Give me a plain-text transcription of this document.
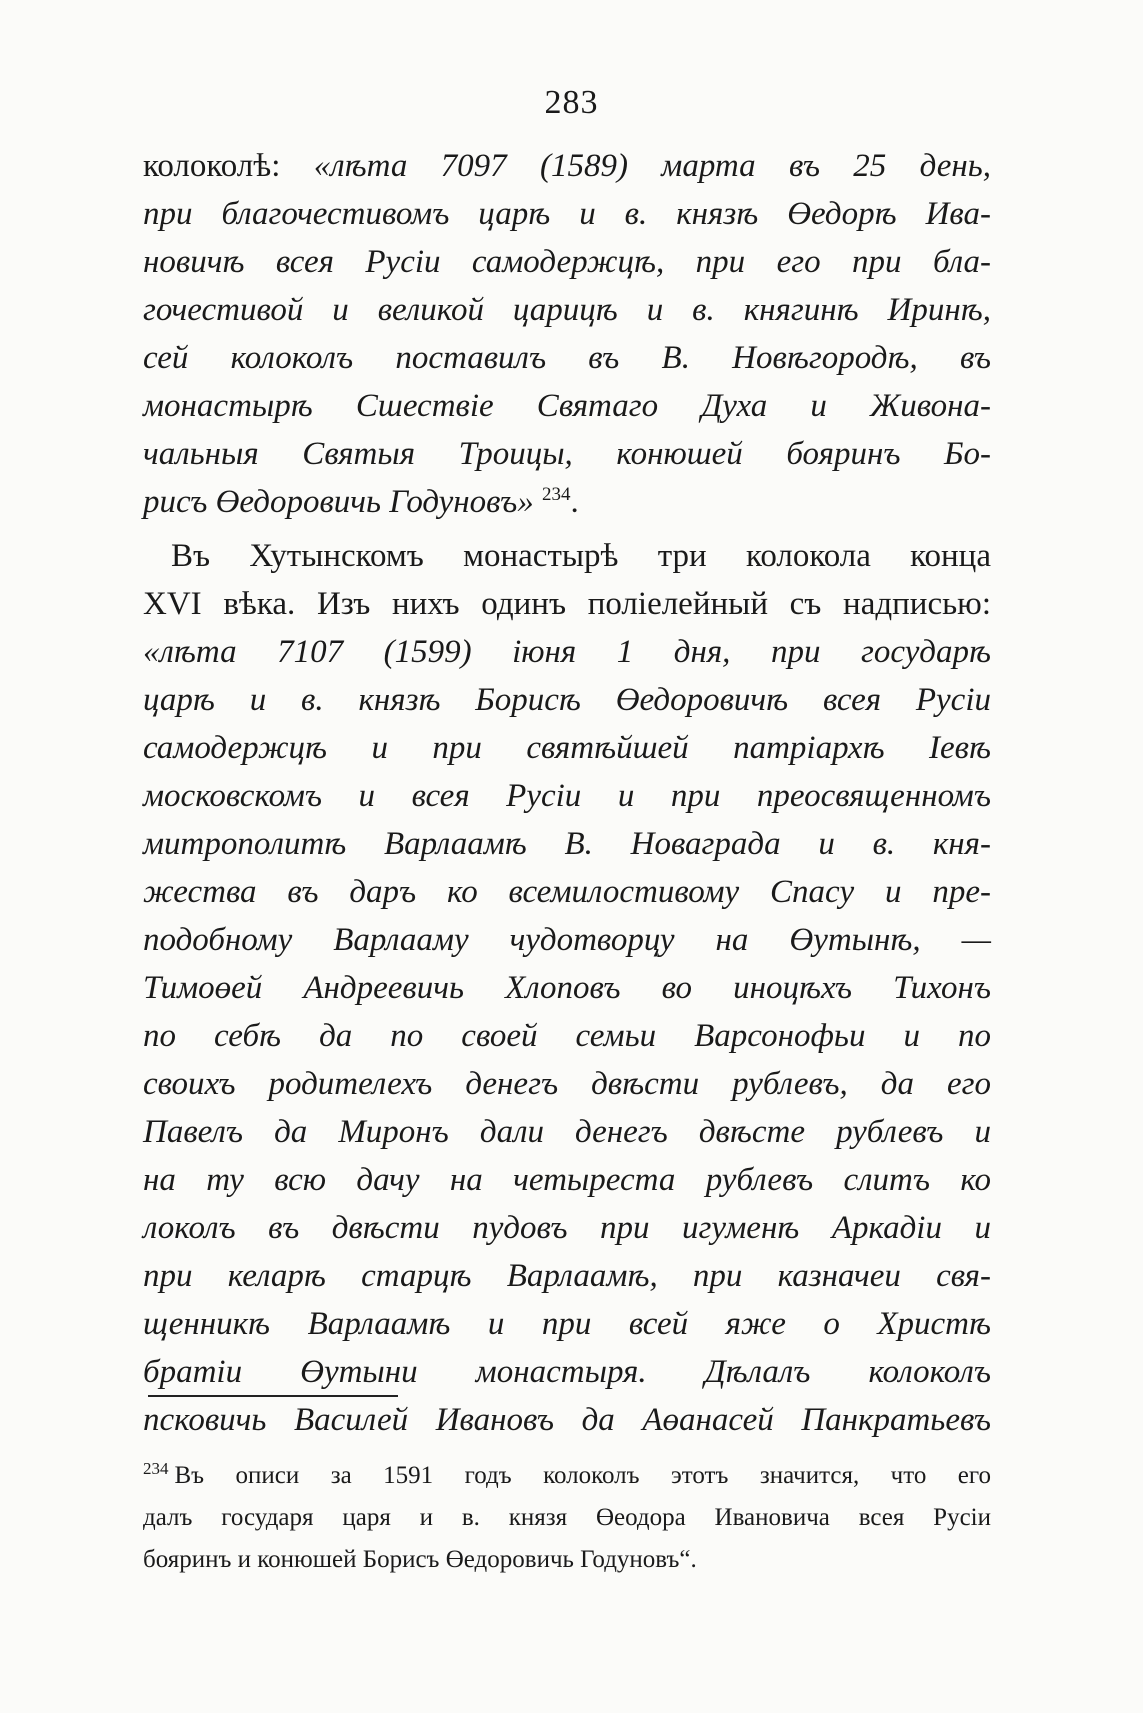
283
колоколѣ: «лѣта 7097 (1589) марта въ 25 день,
при благочестивомъ царѣ и в. князѣ Өедорѣ Ива-
новичѣ всея Русіи самодержцѣ, при его при бла-
гочестивой и великой царицѣ и в. княгинѣ Иринѣ,
сей колоколъ поставилъ въ В. Новѣгородѣ, въ
монастырѣ Сшествіе Святаго Духа и Живона-
чальныя Святыя Троицы, конюшей бояринъ Бо-
рисъ Өедоровичь Годуновъ» $^{234}$.
Въ Хутынскомъ монастырѣ три колокола конца
XVI вѣка. Изъ нихъ одинъ поліелейный съ надписью:
«лѣта 7107 (1599) іюня 1 дня, при государѣ
царѣ и в. князѣ Борисѣ Өедоровичѣ всея Русіи
самодержцѣ и при святѣйшей патріархѣ Іевѣ
московскомъ и всея Русіи и при преосвященномъ
митрополитѣ Варлаамѣ В. Новаграда и в. кня-
жества въ даръ ко всемилостивому Спасу и пре-
подобному Варлааму чудотворцу на Өутынѣ, —
Тимоөей Андреевичь Хлоповъ во иноцѣхъ Тихонъ
по себѣ да по своей семьи Варсонофьи и по
своихъ родителехъ денегъ двѣсти рублевъ, да его
Павелъ да Миронъ дали денегъ двѣсте рублевъ и
на ту всю дачу на четыреста рублевъ слитъ ко
локолъ въ двѣсти пудовъ при игуменѣ Аркадіи и
при келарѣ старцѣ Варлаамѣ, при казначеи свя-
щенникѣ Варлаамѣ и при всей яже о Христѣ
братіи Өутыни монастыря. Дѣлалъ колоколъ
псковичь Василей Ивановъ да Аөанасей Панкратьевъ
$^{234}$ Въ описи за 1591 годъ колоколъ этотъ значится, что его
далъ государя царя и в. князя Өеодора Ивановича всея Русіи
бояринъ и конюшей Борисъ Өедоровичь Годуновъ“.
